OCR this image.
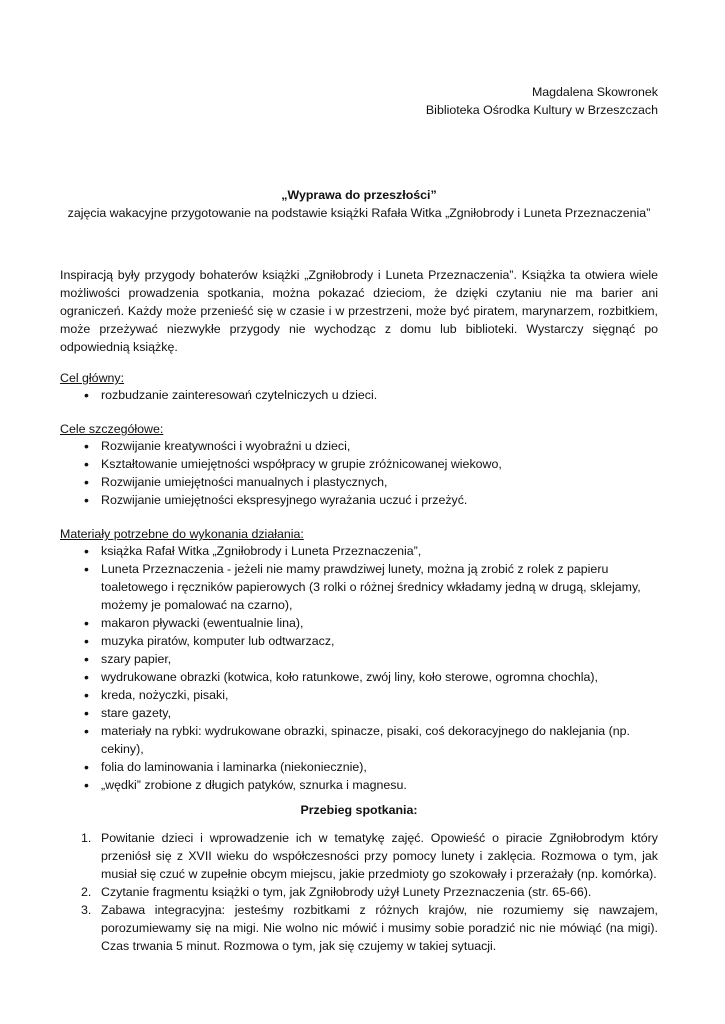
Magdalena Skowronek
Biblioteka Ośrodka Kultury w Brzeszczach
„Wyprawa do przeszłości”
zajęcia wakacyjne przygotowanie na podstawie książki Rafała Witka „Zgniłobrody i Luneta Przeznaczenia”
Inspiracją były przygody bohaterów książki „Zgniłobrody i Luneta Przeznaczenia”. Książka ta otwiera wiele możliwości prowadzenia spotkania, można pokazać dzieciom, że dzięki czytaniu nie ma barier ani ograniczeń. Każdy może przenieść się w czasie i w przestrzeni, może być piratem, marynarzem, rozbitkiem, może przeżywać niezwykłe przygody nie wychodząc z domu lub biblioteki. Wystarczy sięgnąć po odpowiednią książkę.
Cel główny:
• rozbudzanie zainteresowań czytelniczych u dzieci.
Cele szczegółowe:
• Rozwijanie kreatywności i wyobraźni u dzieci,
• Kształtowanie umiejętności współpracy w grupie zróżnicowanej wiekowo,
• Rozwijanie umiejętności manualnych i plastycznych,
• Rozwijanie umiejętności ekspresyjnego wyrażania uczuć i przeżyć.
Materiały potrzebne do wykonania działania:
• książka Rafał Witka „Zgniłobrody i Luneta Przeznaczenia”,
• Luneta Przeznaczenia - jeżeli nie mamy prawdziwej lunety, można ją zrobić z rolek z papieru toaletowego i ręczników papierowych (3 rolki o różnej średnicy wkładamy jedną w drugą, sklejamy, możemy je pomalować na czarno),
• makaron pływacki (ewentualnie lina),
• muzyka piratów, komputer lub odtwarzacz,
• szary papier,
• wydrukowane obrazki (kotwica, koło ratunkowe, zwój liny, koło sterowe, ogromna chochla),
• kreda, nożyczki, pisaki,
• stare gazety,
• materiały na rybki: wydrukowane obrazki, spinacze, pisaki, coś dekoracyjnego do naklejania (np. cekiny),
• folia do laminowania i laminarka (niekoniecznie),
• „wędki” zrobione z długich patyków, sznurka i magnesu.
Przebieg spotkania:
1. Powitanie dzieci i wprowadzenie ich w tematykę zajęć. Opowieść o piracie Zgniłobrodym który przeniósł się z XVII wieku do współczesności przy pomocy lunety i zaklęcia. Rozmowa o tym, jak musiał się czuć w zupełnie obcym miejscu, jakie przedmioty go szokowały i przerażały (np. komórka).
2. Czytanie fragmentu książki o tym, jak Zgniłobrody użył Lunety Przeznaczenia (str. 65-66).
3. Zabawa integracyjna: jesteśmy rozbitkami z różnych krajów, nie rozumiemy się nawzajem, porozumiewamy się na migi. Nie wolno nic mówić i musimy sobie poradzić nic nie mówiąć (na migi). Czas trwania 5 minut. Rozmowa o tym, jak się czujemy w takiej sytuacji.
